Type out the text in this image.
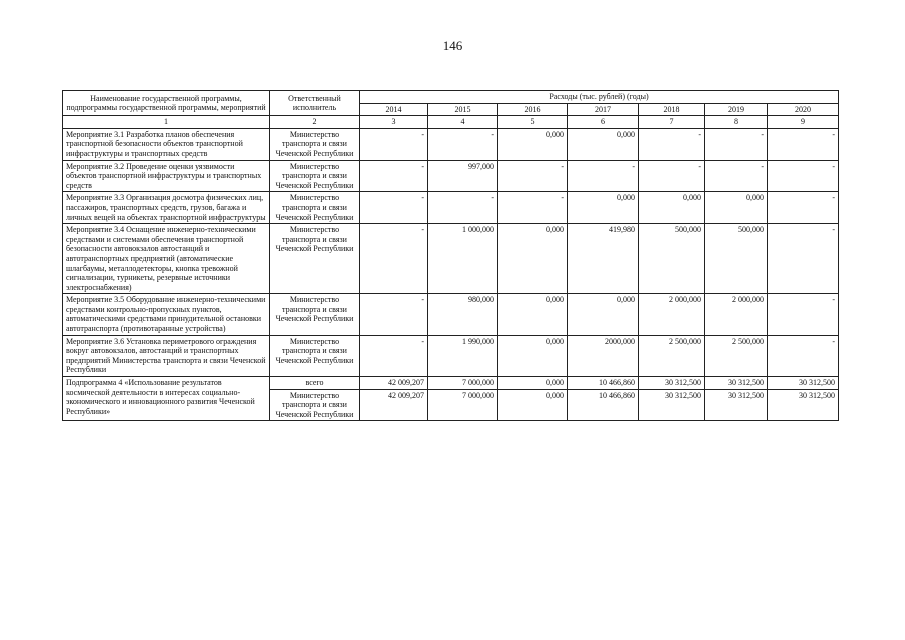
146
Наименование государственной программы, подпрограммы государственной программы, мероприятий	Ответственный исполнитель	Расходы (тыс. рублей) (годы)						
		2014	2015	2016	2017	2018	2019	2020
1	2	3	4	5	6	7	8	9
Мероприятие 3.1 Разработка планов обеспечения транспортной безопасности объектов транспортной инфраструктуры и транспортных средств	Министерство транспорта и связи Чеченской Республики	-	-	0,000	0,000	-	-	-
Мероприятие 3.2 Проведение оценки уязвимости объектов транспортной инфраструктуры и транспортных средств	Министерство транспорта и связи Чеченской Республики	-	997,000	-	-	-	-	-
Мероприятие 3.3 Организация досмотра физических лиц, пассажиров, транспортных средств, грузов, багажа и личных вещей на объектах транспортной инфраструктуры	Министерство транспорта и связи Чеченской Республики	-	-	-	0,000	0,000	0,000	-
Мероприятие 3.4 Оснащение инженерно-техническими средствами и системами обеспечения транспортной безопасности автовокзалов автостанций и автотранспортных предприятий (автоматические шлагбаумы, металлодетекторы, кнопка тревожной сигнализации, турникеты, резервные источники электроснабжения)	Министерство транспорта и связи Чеченской Республики	-	1 000,000	0,000	419,980	500,000	500,000	-
Мероприятие 3.5 Оборудование инженерно-техническими средствами контрольно-пропускных пунктов, автоматическими средствами принудительной остановки автотранспорта (противотаранные устройства)	Министерство транспорта и связи Чеченской Республики	-	980,000	0,000	0,000	2 000,000	2 000,000	-
Мероприятие 3.6 Установка периметрового ограждения вокруг автовокзалов, автостанций и транспортных предприятий Министерства транспорта и связи Чеченской Республики	Министерство транспорта и связи Чеченской Республики	-	1 990,000	0,000	2000,000	2 500,000	2 500,000	-
Подпрограмма 4 «Использование результатов космической деятельности в интересах социально-экономического и инновационного развития Чеченской Республики»	всего	42 009,207	7 000,000	0,000	10 466,860	30 312,500	30 312,500	30 312,500
	Министерство транспорта и связи Чеченской Республики	42 009,207	7 000,000	0,000	10 466,860	30 312,500	30 312,500	30 312,500
